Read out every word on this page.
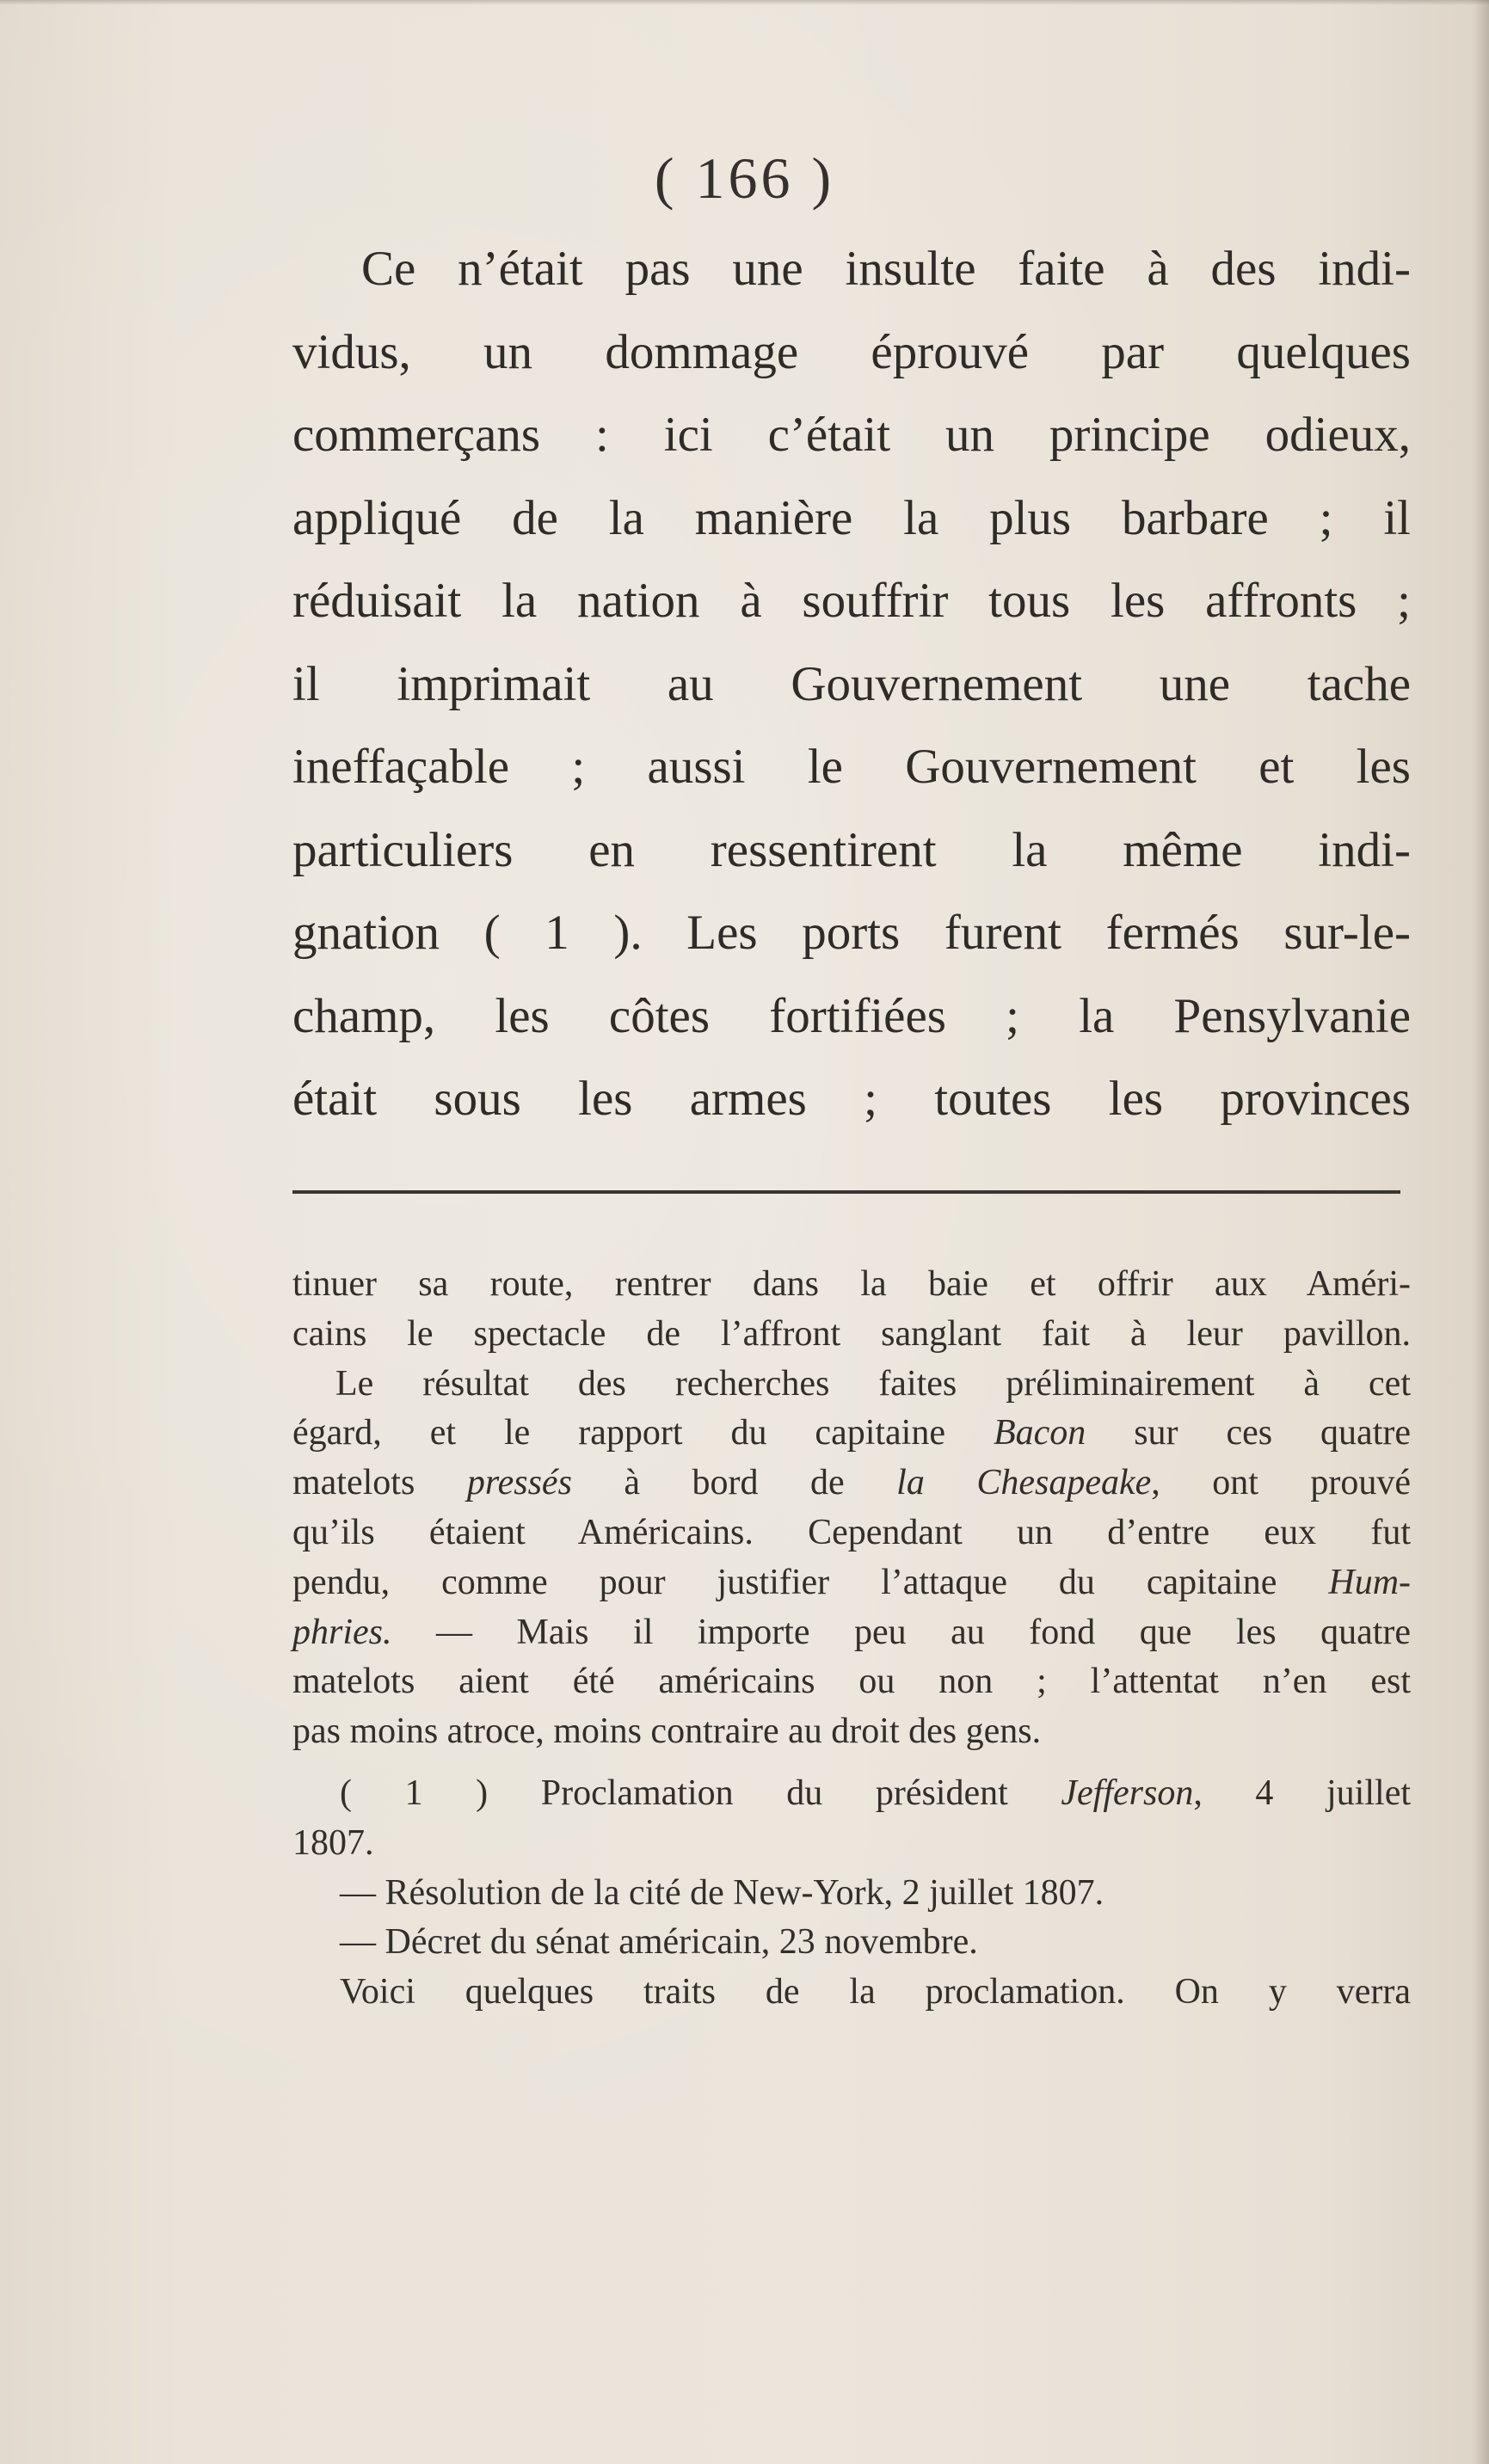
( 166 )
Ce n’était pas une insulte faite à des indi-
vidus, un dommage éprouvé par quelques
commerçans : ici c’était un principe odieux,
appliqué de la manière la plus barbare ; il
réduisait la nation à souffrir tous les affronts ;
il imprimait au Gouvernement une tache
ineffaçable ; aussi le Gouvernement et les
particuliers en ressentirent la même indi-
gnation ( 1 ). Les ports furent fermés sur-le-
champ, les côtes fortifiées ; la Pensylvanie
était sous les armes ; toutes les provinces
tinuer sa route, rentrer dans la baie et offrir aux Améri-
cains le spectacle de l’affront sanglant fait à leur pavillon.
Le résultat des recherches faites préliminairement à cet
égard, et le rapport du capitaine Bacon sur ces quatre
matelots pressés à bord de la Chesapeake, ont prouvé
qu’ils étaient Américains. Cependant un d’entre eux fut
pendu, comme pour justifier l’attaque du capitaine Hum-
phries. — Mais il importe peu au fond que les quatre
matelots aient été américains ou non ; l’attentat n’en est
pas moins atroce, moins contraire au droit des gens.
( 1 ) Proclamation du président Jefferson, 4 juillet
1807.
— Résolution de la cité de New-York, 2 juillet 1807.
— Décret du sénat américain, 23 novembre.
Voici quelques traits de la proclamation. On y verra
